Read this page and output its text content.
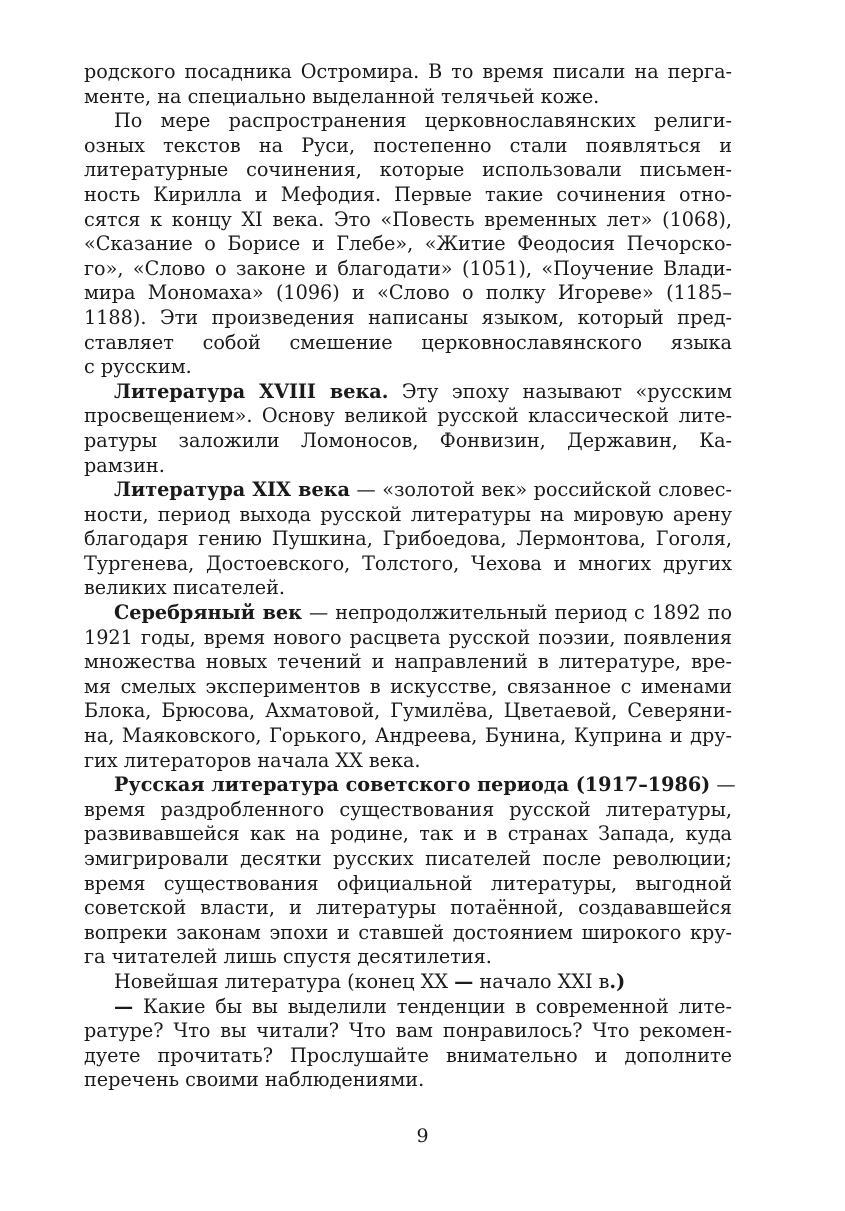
родского посадника Остромира. В то время писали на перга-
менте, на специально выделанной телячьей коже.
По мере распространения церковнославянских религи-
озных текстов на Руси, постепенно стали появляться и
литературные сочинения, которые использовали письмен-
ность Кирилла и Мефодия. Первые такие сочинения отно-
сятся к концу XI века. Это «Повесть временных лет» (1068),
«Сказание о Борисе и Глебе», «Житие Феодосия Печорско-
го», «Слово о законе и благодати» (1051), «Поучение Влади-
мира Мономаха» (1096) и «Слово о полку Игореве» (1185–
1188). Эти произведения написаны языком, который пред-
ставляет собой смешение церковнославянского языка
с русским.
Литература XVIII века. Эту эпоху называют «русским
просвещением». Основу великой русской классической лите-
ратуры заложили Ломоносов, Фонвизин, Державин, Ка-
рамзин.
Литература XIX века — «золотой век» российской словес-
ности, период выхода русской литературы на мировую арену
благодаря гению Пушкина, Грибоедова, Лермонтова, Гоголя,
Тургенева, Достоевского, Толстого, Чехова и многих других
великих писателей.
Серебряный век — непродолжительный период с 1892 по
1921 годы, время нового расцвета русской поэзии, появления
множества новых течений и направлений в литературе, вре-
мя смелых экспериментов в искусстве, связанное с именами
Блока, Брюсова, Ахматовой, Гумилёва, Цветаевой, Северяни-
на, Маяковского, Горького, Андреева, Бунина, Куприна и дру-
гих литераторов начала XX века.
Русская литература советского периода (1917–1986) —
время раздробленного существования русской литературы,
развивавшейся как на родине, так и в странах Запада, куда
эмигрировали десятки русских писателей после революции;
время существования официальной литературы, выгодной
советской власти, и литературы потаённой, создававшейся
вопреки законам эпохи и ставшей достоянием широкого кру-
га читателей лишь спустя десятилетия.
Новейшая литература (конец XX — начало XXI в.)
— Какие бы вы выделили тенденции в современной лите-
ратуре? Что вы читали? Что вам понравилось? Что рекомен-
дуете прочитать? Прослушайте внимательно и дополните
перечень своими наблюдениями.
9
